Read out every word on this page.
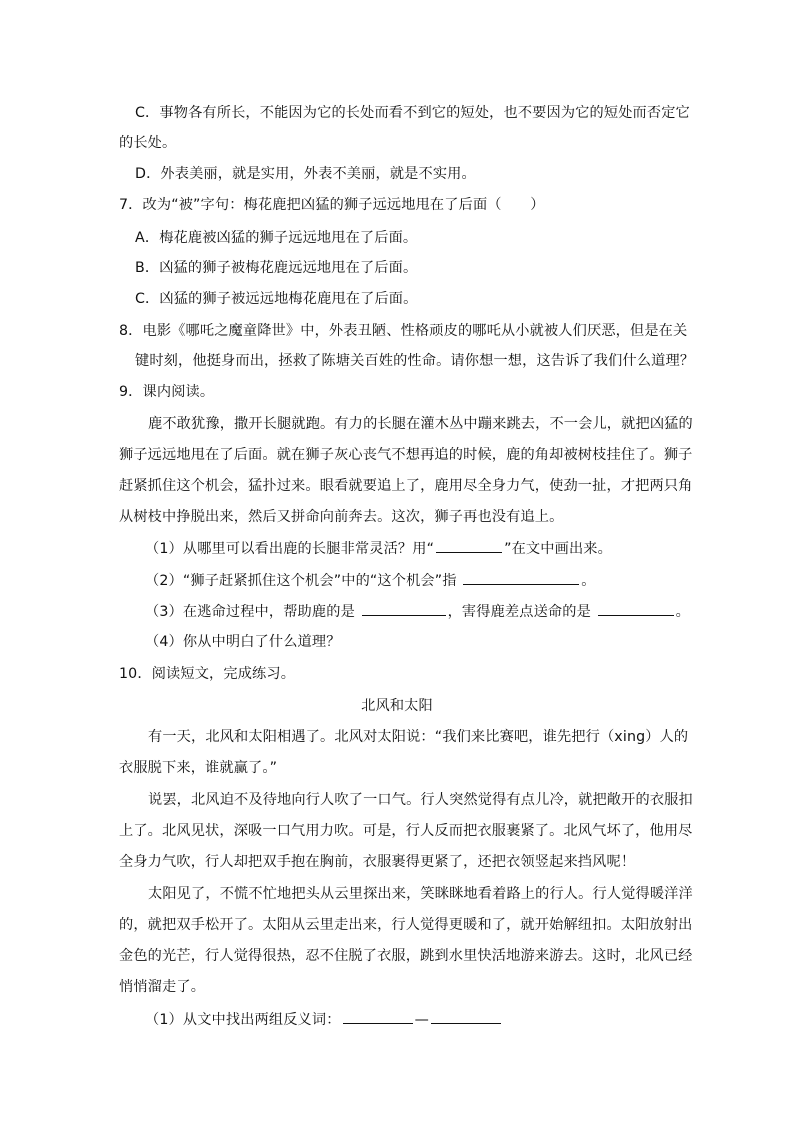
C．事物各有所长，不能因为它的长处而看不到它的短处，也不要因为它的短处而否定它
的长处。
D．外表美丽，就是实用，外表不美丽，就是不实用。
7．改为“被”字句：梅花鹿把凶猛的狮子远远地甩在了后面（　　）
A．梅花鹿被凶猛的狮子远远地甩在了后面。
B．凶猛的狮子被梅花鹿远远地甩在了后面。
C．凶猛的狮子被远远地梅花鹿甩在了后面。
8．电影《哪吒之魔童降世》中，外表丑陋、性格顽皮的哪吒从小就被人们厌恶，但是在关
键时刻，他挺身而出，拯救了陈塘关百姓的性命。请你想一想，这告诉了我们什么道理？
9．课内阅读。
鹿不敢犹豫，撒开长腿就跑。有力的长腿在灌木丛中蹦来跳去，不一会儿，就把凶猛的
狮子远远地甩在了后面。就在狮子灰心丧气不想再追的时候，鹿的角却被树枝挂住了。狮子
赶紧抓住这个机会，猛扑过来。眼看就要追上了，鹿用尽全身力气，使劲一扯，才把两只角
从树枝中挣脱出来，然后又拼命向前奔去。这次，狮子再也没有追上。
（1）从哪里可以看出鹿的长腿非常灵活？用“	”在文中画出来。
（2）“狮子赶紧抓住这个机会”中的“这个机会”指	。
（3）在逃命过程中，帮助鹿的是	，害得鹿差点送命的是	。
（4）你从中明白了什么道理？
10．阅读短文，完成练习。
北风和太阳
有一天，北风和太阳相遇了。北风对太阳说：“我们来比赛吧，谁先把行（xing）人的
衣服脱下来，谁就赢了。”
说罢，北风迫不及待地向行人吹了一口气。行人突然觉得有点儿冷，就把敞开的衣服扣
上了。北风见状，深吸一口气用力吹。可是，行人反而把衣服裹紧了。北风气坏了，他用尽
全身力气吹，行人却把双手抱在胸前，衣服裹得更紧了，还把衣领竖起来挡风呢！
太阳见了，不慌不忙地把头从云里探出来，笑眯眯地看着路上的行人。行人觉得暖洋洋
的，就把双手松开了。太阳从云里走出来，行人觉得更暖和了，就开始解纽扣。太阳放射出
金色的光芒，行人觉得很热，忍不住脱了衣服，跳到水里快活地游来游去。这时，北风已经
悄悄溜走了。
（1）从文中找出两组反义词：	—
